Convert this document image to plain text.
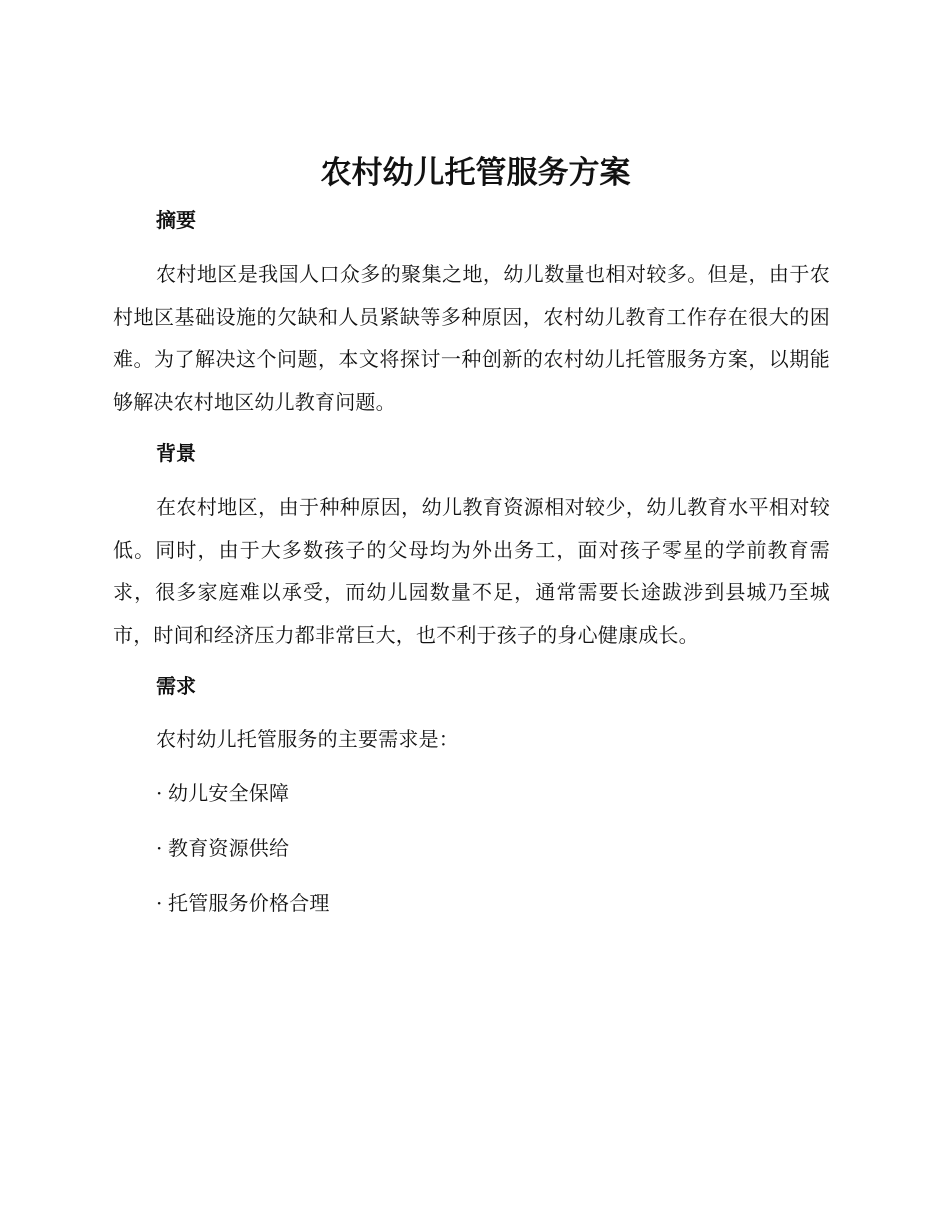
农村幼儿托管服务方案
摘要

农村地区是我国人口众多的聚集之地，幼儿数量也相对较多。但是，由于农村地区基础设施的欠缺和人员紧缺等多种原因，农村幼儿教育工作存在很大的困难。为了解决这个问题，本文将探讨一种创新的农村幼儿托管服务方案，以期能够解决农村地区幼儿教育问题。

背景

在农村地区，由于种种原因，幼儿教育资源相对较少，幼儿教育水平相对较低。同时，由于大多数孩子的父母均为外出务工，面对孩子零星的学前教育需求，很多家庭难以承受，而幼儿园数量不足，通常需要长途跋涉到县城乃至城市，时间和经济压力都非常巨大，也不利于孩子的身心健康成长。

需求

农村幼儿托管服务的主要需求是：

· 幼儿安全保障
· 教育资源供给
· 托管服务价格合理
